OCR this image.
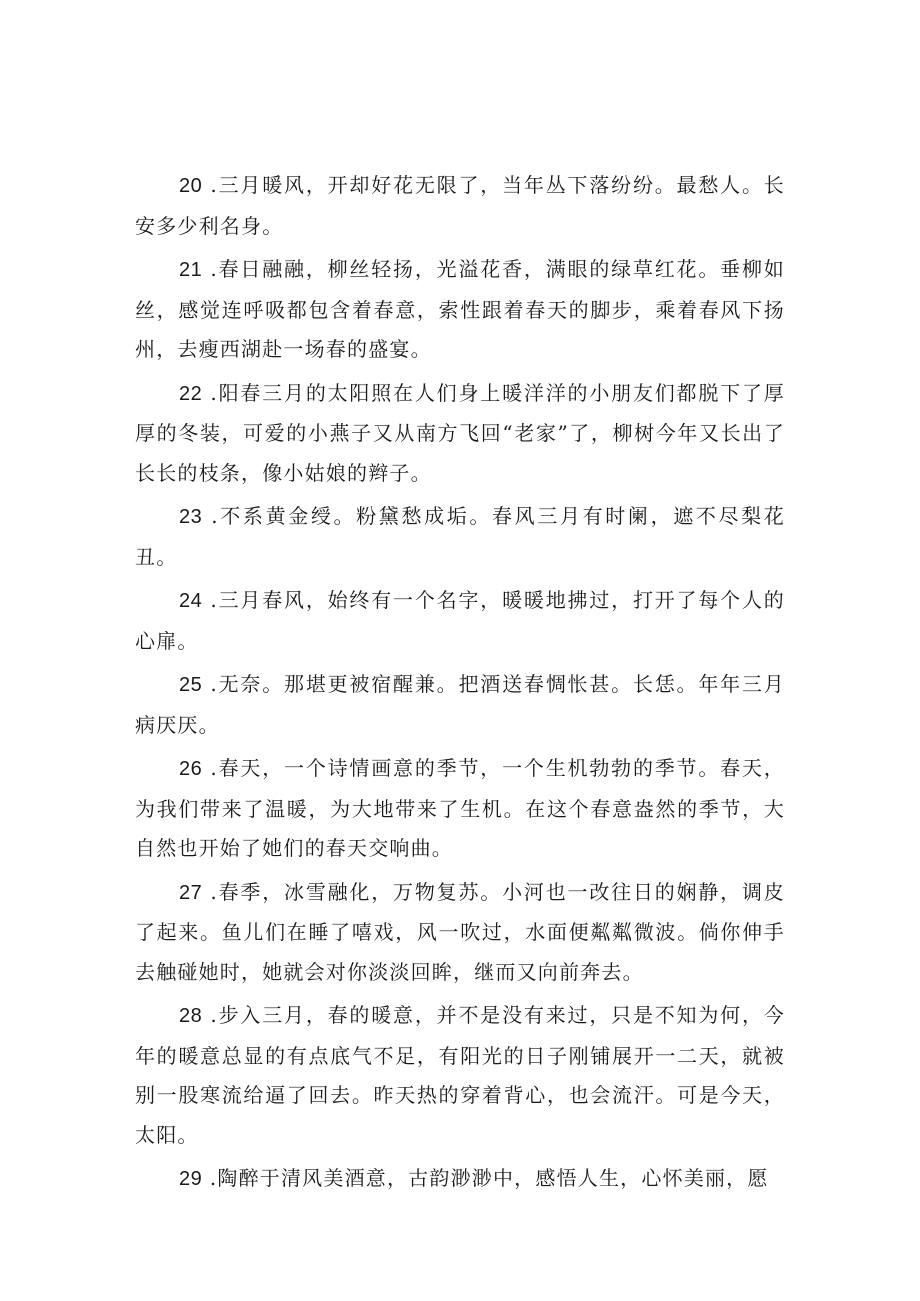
20 .三月暖风，开却好花无限了，当年丛下落纷纷。最愁人。长安多少利名身。

21 .春日融融，柳丝轻扬，光溢花香，满眼的绿草红花。垂柳如丝，感觉连呼吸都包含着春意，索性跟着春天的脚步，乘着春风下扬州，去瘦西湖赴一场春的盛宴。

22 .阳春三月的太阳照在人们身上暖洋洋的小朋友们都脱下了厚厚的冬装，可爱的小燕子又从南方飞回“老家”了，柳树今年又长出了长长的枝条，像小姑娘的辫子。

23 .不系黄金绶。粉黛愁成垢。春风三月有时阑，遮不尽梨花丑。

24 .三月春风，始终有一个名字，暖暖地拂过，打开了每个人的心扉。

25 .无奈。那堪更被宿醒兼。把酒送春惆怅甚。长恁。年年三月病厌厌。

26 .春天，一个诗情画意的季节，一个生机勃勃的季节。春天，为我们带来了温暖，为大地带来了生机。在这个春意盎然的季节，大自然也开始了她们的春天交响曲。

27 .春季，冰雪融化，万物复苏。小河也一改往日的娴静，调皮了起来。鱼儿们在睡了嘻戏，风一吹过，水面便粼粼微波。倘你伸手去触碰她时，她就会对你淡淡回眸，继而又向前奔去。

28 .步入三月，春的暖意，并不是没有来过，只是不知为何，今年的暖意总显的有点底气不足，有阳光的日子刚铺展开一二天，就被别一股寒流给逼了回去。昨天热的穿着背心，也会流汗。可是今天，太阳。

29 .陶醉于清风美酒意，古韵渺渺中，感悟人生，心怀美丽，愿
